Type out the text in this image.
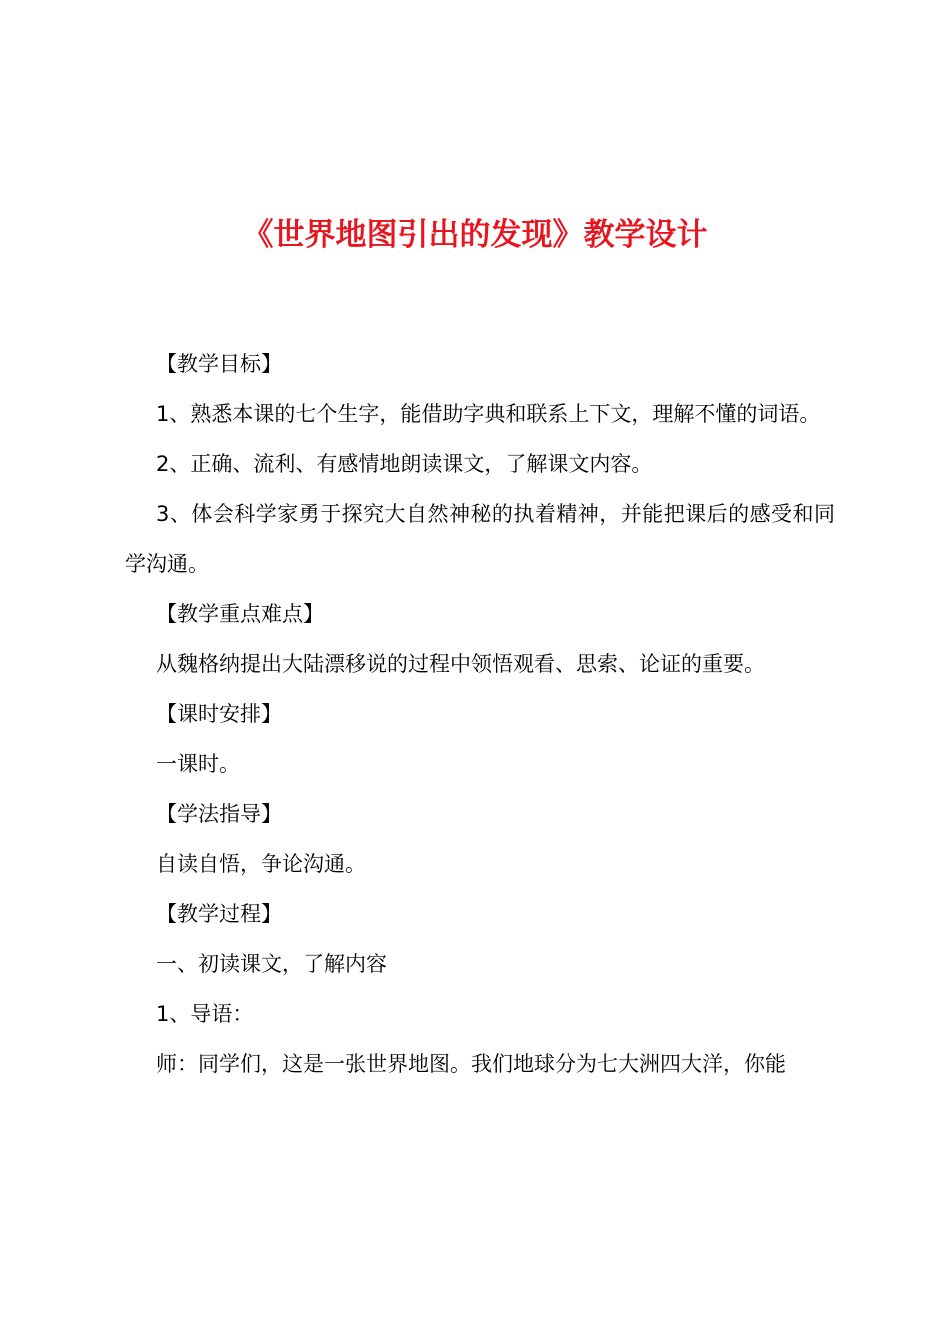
《世界地图引出的发现》教学设计

【教学目标】

1、熟悉本课的七个生字，能借助字典和联系上下文，理解不懂的词语。

2、正确、流利、有感情地朗读课文，了解课文内容。

3、体会科学家勇于探究大自然神秘的执着精神，并能把课后的感受和同学沟通。

【教学重点难点】

从魏格纳提出大陆漂移说的过程中领悟观看、思索、论证的重要。

【课时安排】

一课时。

【学法指导】

自读自悟，争论沟通。

【教学过程】

一、初读课文，了解内容

1、导语：

师：同学们，这是一张世界地图。我们地球分为七大洲四大洋，你能
